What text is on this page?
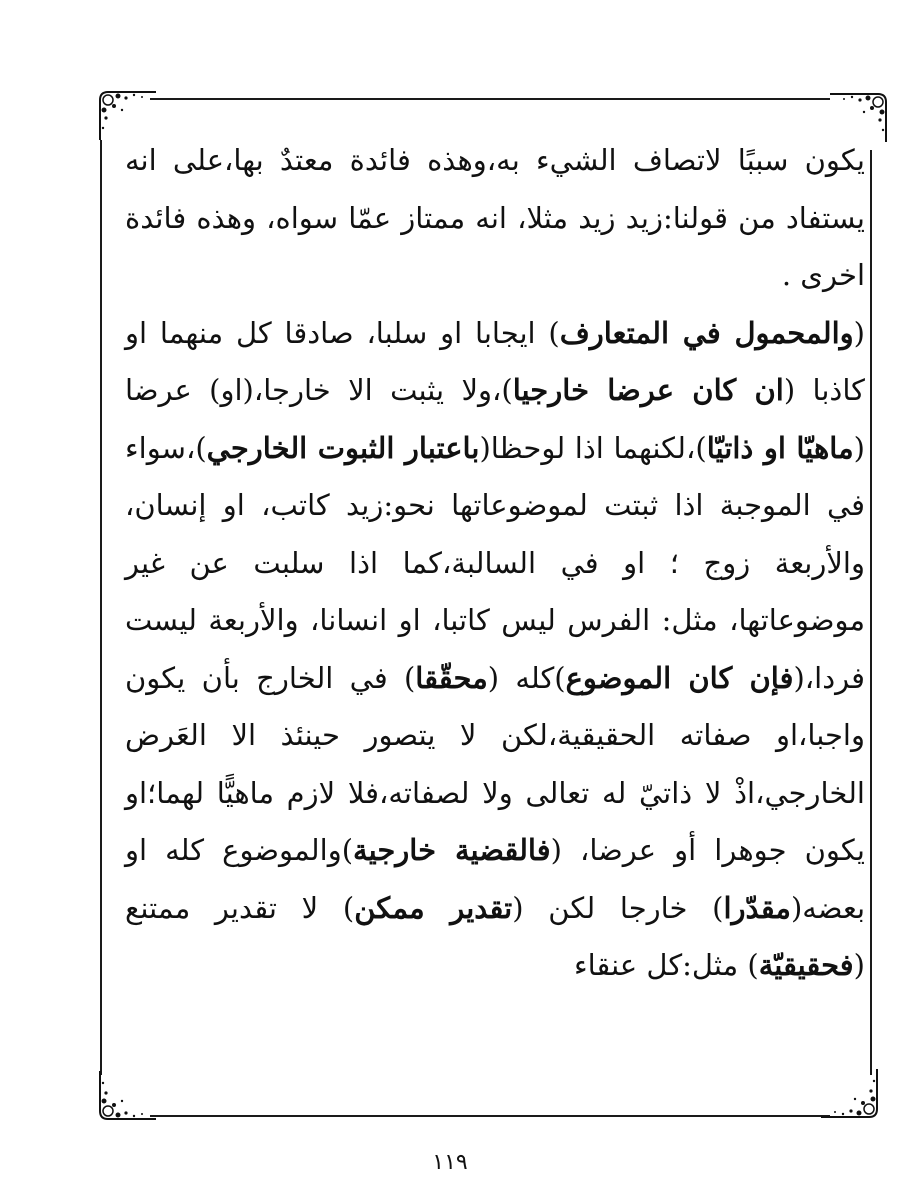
يكون سببًا لاتصاف الشيء به،وهذه فائدة معتدٌ بها،على انه يستفاد من قولنا:زيد زيد مثلا، انه ممتاز عمّا سواه، وهذه فائدة اخرى .

(والمحمول في المتعارف) ايجابا او سلبا، صادقا كل منهما او كاذبا (ان كان عرضا خارجيا)،ولا يثبت الا خارجا،(او) عرضا (ماهيّا او ذاتيّا)،لكنهما اذا لوحظا(باعتبار الثبوت الخارجي)،سواء في الموجبة اذا ثبتت لموضوعاتها نحو:زيد كاتب، او إنسان، والأربعة زوج ؛ او في السالبة،كما اذا سلبت عن غير موضوعاتها، مثل: الفرس ليس كاتبا، او انسانا، والأربعة ليست فردا،(فإن كان الموضوع)كله (محقّقا) في الخارج بأن يكون واجبا،او صفاته الحقيقية،لكن لا يتصور حينئذ الا العَرض الخارجي،اذْ لا ذاتيّ له تعالى ولا لصفاته،فلا لازم ماهيًّا لهما؛او يكون جوهرا أو عرضا، (فالقضية خارجية)والموضوع كله او بعضه(مقدّرا) خارجا لكن (تقدير ممكن) لا تقدير ممتنع (فحقيقيّة) مثل:كل عنقاء

١١٩
